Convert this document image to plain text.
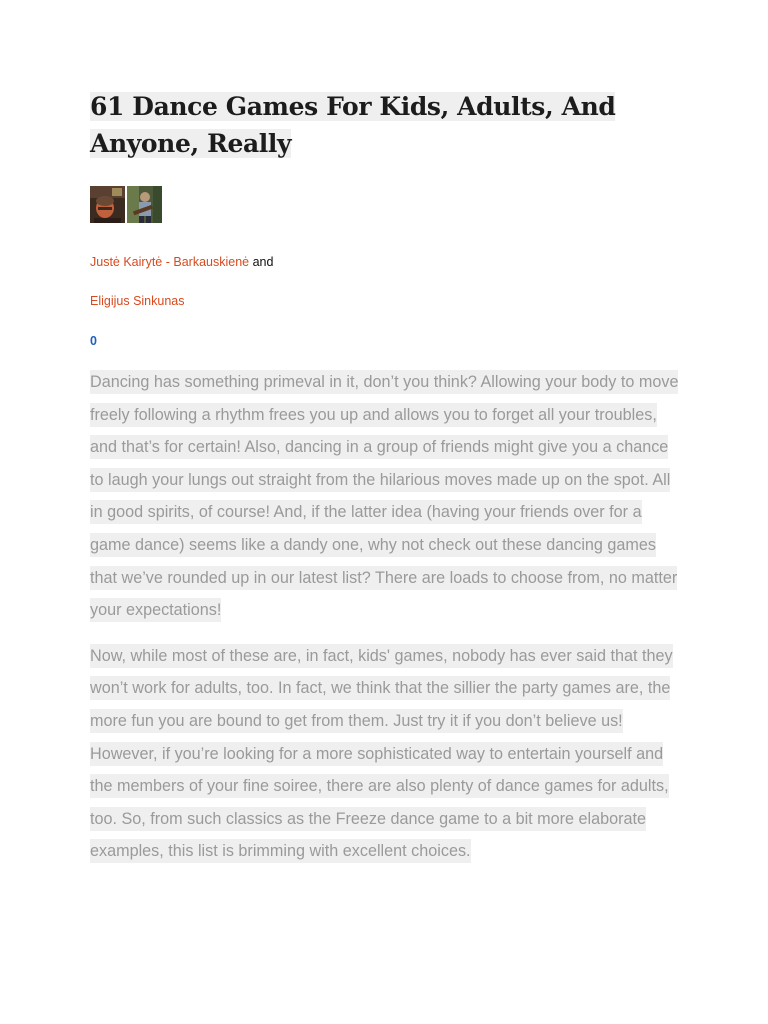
61 Dance Games For Kids, Adults, And Anyone, Really
Justė Kairytė - Barkauskienė and
Eligijus Sinkunas
0

Dancing has something primeval in it, don’t you think? Allowing your body to move freely following a rhythm frees you up and allows you to forget all your troubles, and that’s for certain! Also, dancing in a group of friends might give you a chance to laugh your lungs out straight from the hilarious moves made up on the spot. All in good spirits, of course! And, if the latter idea (having your friends over for a game dance) seems like a dandy one, why not check out these dancing games that we’ve rounded up in our latest list? There are loads to choose from, no matter your expectations!

Now, while most of these are, in fact, kids' games, nobody has ever said that they won’t work for adults, too. In fact, we think that the sillier the party games are, the more fun you are bound to get from them. Just try it if you don’t believe us! However, if you’re looking for a more sophisticated way to entertain yourself and the members of your fine soiree, there are also plenty of dance games for adults, too. So, from such classics as the Freeze dance game to a bit more elaborate examples, this list is brimming with excellent choices.
